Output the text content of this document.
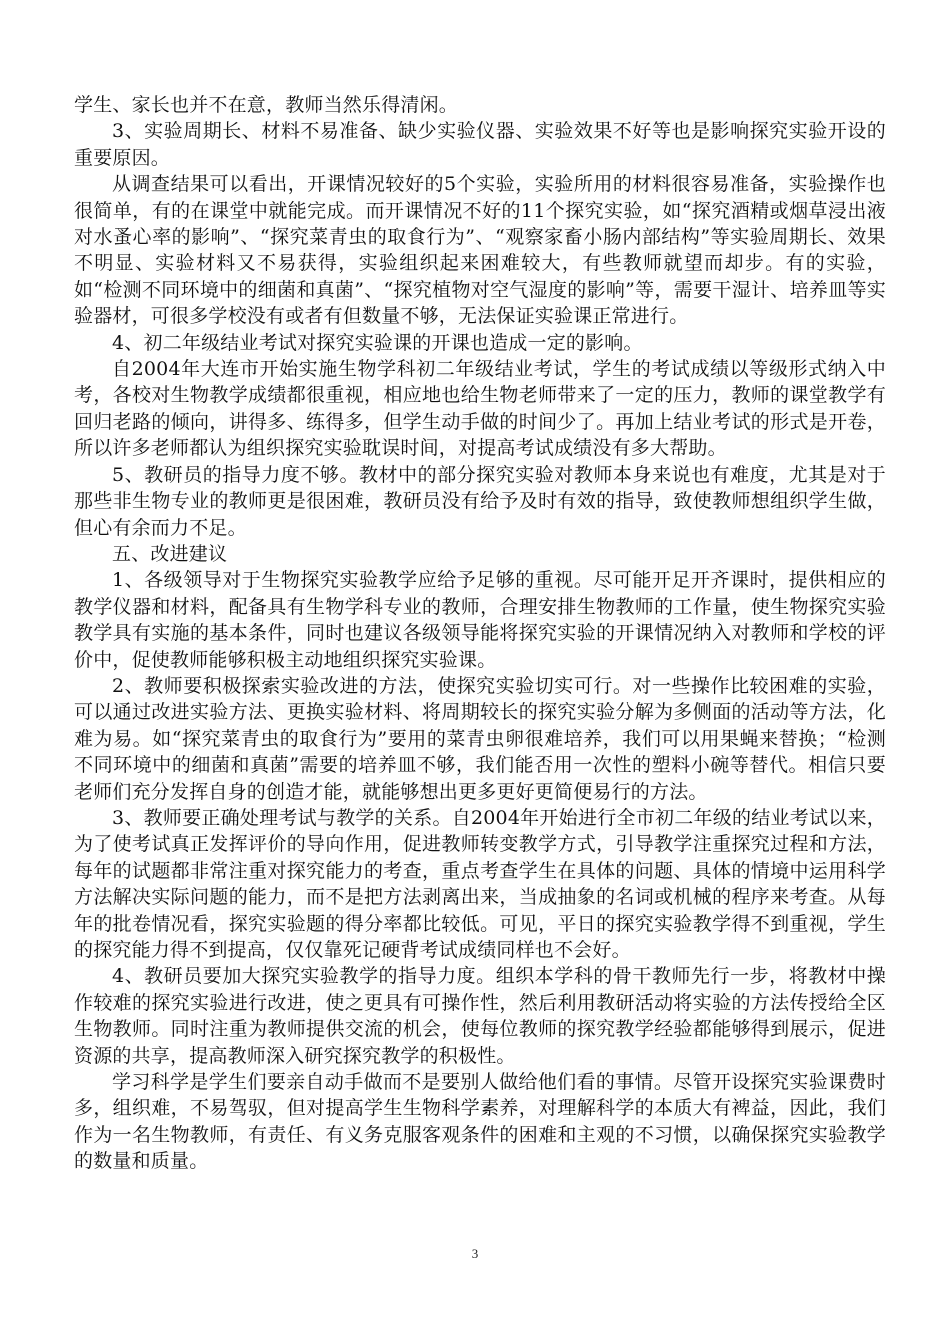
学生、家长也并不在意，教师当然乐得清闲。

3、实验周期长、材料不易准备、缺少实验仪器、实验效果不好等也是影响探究实验开设的重要原因。

从调查结果可以看出，开课情况较好的5个实验，实验所用的材料很容易准备，实验操作也很简单，有的在课堂中就能完成。而开课情况不好的11个探究实验，如“探究酒精或烟草浸出液对水蚤心率的影响”、“探究菜青虫的取食行为”、“观察家畜小肠内部结构”等实验周期长、效果不明显、实验材料又不易获得，实验组织起来困难较大，有些教师就望而却步。有的实验，如“检测不同环境中的细菌和真菌”、“探究植物对空气湿度的影响”等，需要干湿计、培养皿等实验器材，可很多学校没有或者有但数量不够，无法保证实验课正常进行。

4、初二年级结业考试对探究实验课的开课也造成一定的影响。

自2004年大连市开始实施生物学科初二年级结业考试，学生的考试成绩以等级形式纳入中考，各校对生物教学成绩都很重视，相应地也给生物老师带来了一定的压力，教师的课堂教学有回归老路的倾向，讲得多、练得多，但学生动手做的时间少了。再加上结业考试的形式是开卷，所以许多老师都认为组织探究实验耽误时间，对提高考试成绩没有多大帮助。

5、教研员的指导力度不够。教材中的部分探究实验对教师本身来说也有难度，尤其是对于那些非生物专业的教师更是很困难，教研员没有给予及时有效的指导，致使教师想组织学生做，但心有余而力不足。

五、改进建议

1、各级领导对于生物探究实验教学应给予足够的重视。尽可能开足开齐课时，提供相应的教学仪器和材料，配备具有生物学科专业的教师，合理安排生物教师的工作量，使生物探究实验教学具有实施的基本条件，同时也建议各级领导能将探究实验的开课情况纳入对教师和学校的评价中，促使教师能够积极主动地组织探究实验课。

2、教师要积极探索实验改进的方法，使探究实验切实可行。对一些操作比较困难的实验，可以通过改进实验方法、更换实验材料、将周期较长的探究实验分解为多侧面的活动等方法，化难为易。如“探究菜青虫的取食行为”要用的菜青虫卵很难培养，我们可以用果蝇来替换；“检测不同环境中的细菌和真菌”需要的培养皿不够，我们能否用一次性的塑料小碗等替代。相信只要老师们充分发挥自身的创造才能，就能够想出更多更好更简便易行的方法。

3、教师要正确处理考试与教学的关系。自2004年开始进行全市初二年级的结业考试以来，为了使考试真正发挥评价的导向作用，促进教师转变教学方式，引导教学注重探究过程和方法，每年的试题都非常注重对探究能力的考查，重点考查学生在具体的问题、具体的情境中运用科学方法解决实际问题的能力，而不是把方法剥离出来，当成抽象的名词或机械的程序来考查。从每年的批卷情况看，探究实验题的得分率都比较低。可见，平日的探究实验教学得不到重视，学生的探究能力得不到提高，仅仅靠死记硬背考试成绩同样也不会好。

4、教研员要加大探究实验教学的指导力度。组织本学科的骨干教师先行一步，将教材中操作较难的探究实验进行改进，使之更具有可操作性，然后利用教研活动将实验的方法传授给全区生物教师。同时注重为教师提供交流的机会，使每位教师的探究教学经验都能够得到展示，促进资源的共享，提高教师深入研究探究教学的积极性。

学习科学是学生们要亲自动手做而不是要别人做给他们看的事情。尽管开设探究实验课费时多，组织难，不易驾驭，但对提高学生生物科学素养，对理解科学的本质大有裨益，因此，我们作为一名生物教师，有责任、有义务克服客观条件的困难和主观的不习惯，以确保探究实验教学的数量和质量。

3
